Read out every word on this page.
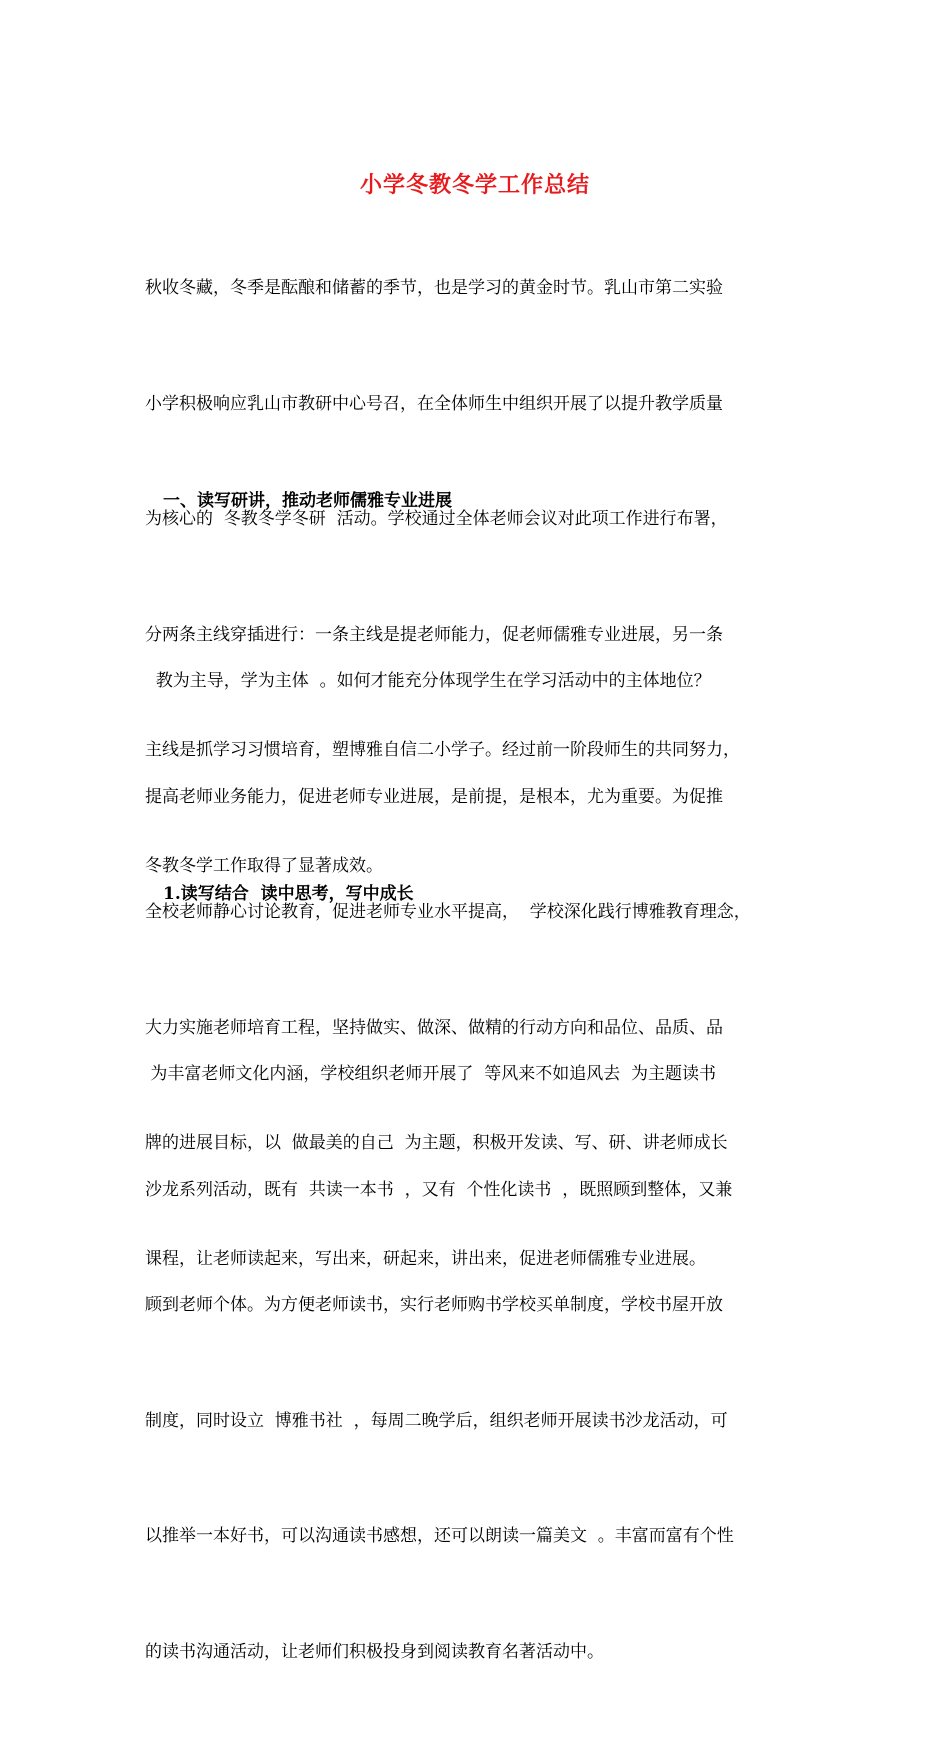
小学冬教冬学工作总结

秋收冬藏，冬季是酝酿和储蓄的季节，也是学习的黄金时节。乳山市第二实验

小学积极响应乳山市教研中心号召，在全体师生中组织开展了以提升教学质量

为核心的  冬教冬学冬研  活动。学校通过全体老师会议对此项工作进行布署，

分两条主线穿插进行：一条主线是提老师能力，促老师儒雅专业进展，另一条

主线是抓学习习惯培育，塑博雅自信二小学子。经过前一阶段师生的共同努力，

冬教冬学工作取得了显著成效。

一、读写研讲，推动老师儒雅专业进展

教为主导，学为主体  。如何才能充分体现学生在学习活动中的主体地位？

提高老师业务能力，促进老师专业进展，是前提，是根本，尤为重要。为促推

全校老师静心讨论教育，促进老师专业水平提高，  学校深化践行博雅教育理念，

大力实施老师培育工程，坚持做实、做深、做精的行动方向和品位、品质、品

牌的进展目标，以  做最美的自己  为主题，积极开发读、写、研、讲老师成长

课程，让老师读起来，写出来，研起来，讲出来，促进老师儒雅专业进展。

1.读写结合  读中思考，写中成长

为丰富老师文化内涵，学校组织老师开展了  等风来不如追风去  为主题读书

沙龙系列活动，既有  共读一本书  ，又有  个性化读书  ，既照顾到整体，又兼

顾到老师个体。为方便老师读书，实行老师购书学校买单制度，学校书屋开放

制度，同时设立  博雅书社  ，每周二晚学后，组织老师开展读书沙龙活动，可

以推举一本好书，可以沟通读书感想，还可以朗读一篇美文  。丰富而富有个性

的读书沟通活动，让老师们积极投身到阅读教育名著活动中。
